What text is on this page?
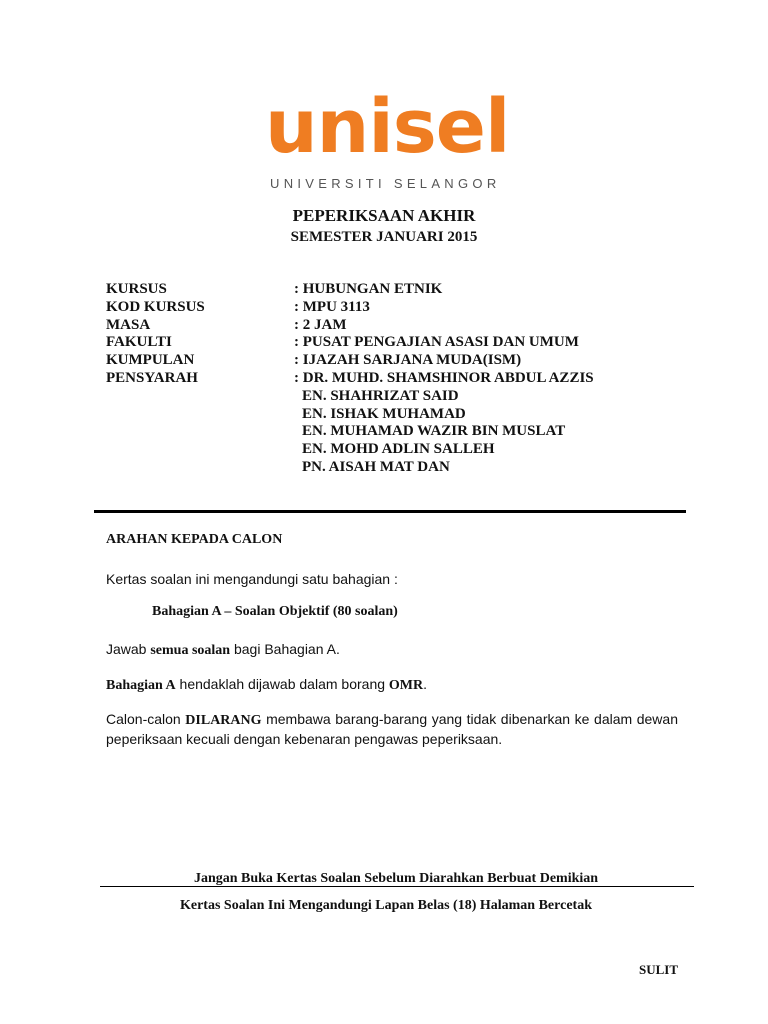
unisel
UNIVERSITI SELANGOR
PEPERIKSAAN AKHIR
SEMESTER JANUARI 2015
KURSUS	: HUBUNGAN ETNIK
KOD KURSUS	: MPU 3113
MASA	: 2 JAM
FAKULTI	: PUSAT PENGAJIAN ASASI DAN UMUM
KUMPULAN	: IJAZAH SARJANA MUDA(ISM)
PENSYARAH	: DR. MUHD. SHAMSHINOR ABDUL AZZIS
EN. SHAHRIZAT SAID
EN. ISHAK MUHAMAD
EN. MUHAMAD WAZIR BIN MUSLAT
EN. MOHD ADLIN SALLEH
PN. AISAH MAT DAN
ARAHAN KEPADA CALON
Kertas soalan ini mengandungi satu bahagian :
Bahagian A – Soalan Objektif (80 soalan)
Jawab semua soalan bagi Bahagian A.
Bahagian A hendaklah dijawab dalam borang OMR.
Calon-calon DILARANG membawa barang-barang yang tidak dibenarkan ke dalam dewan peperiksaan kecuali dengan kebenaran pengawas peperiksaan.
Jangan Buka Kertas Soalan Sebelum Diarahkan Berbuat Demikian
Kertas Soalan Ini Mengandungi Lapan Belas (18) Halaman Bercetak
SULIT
